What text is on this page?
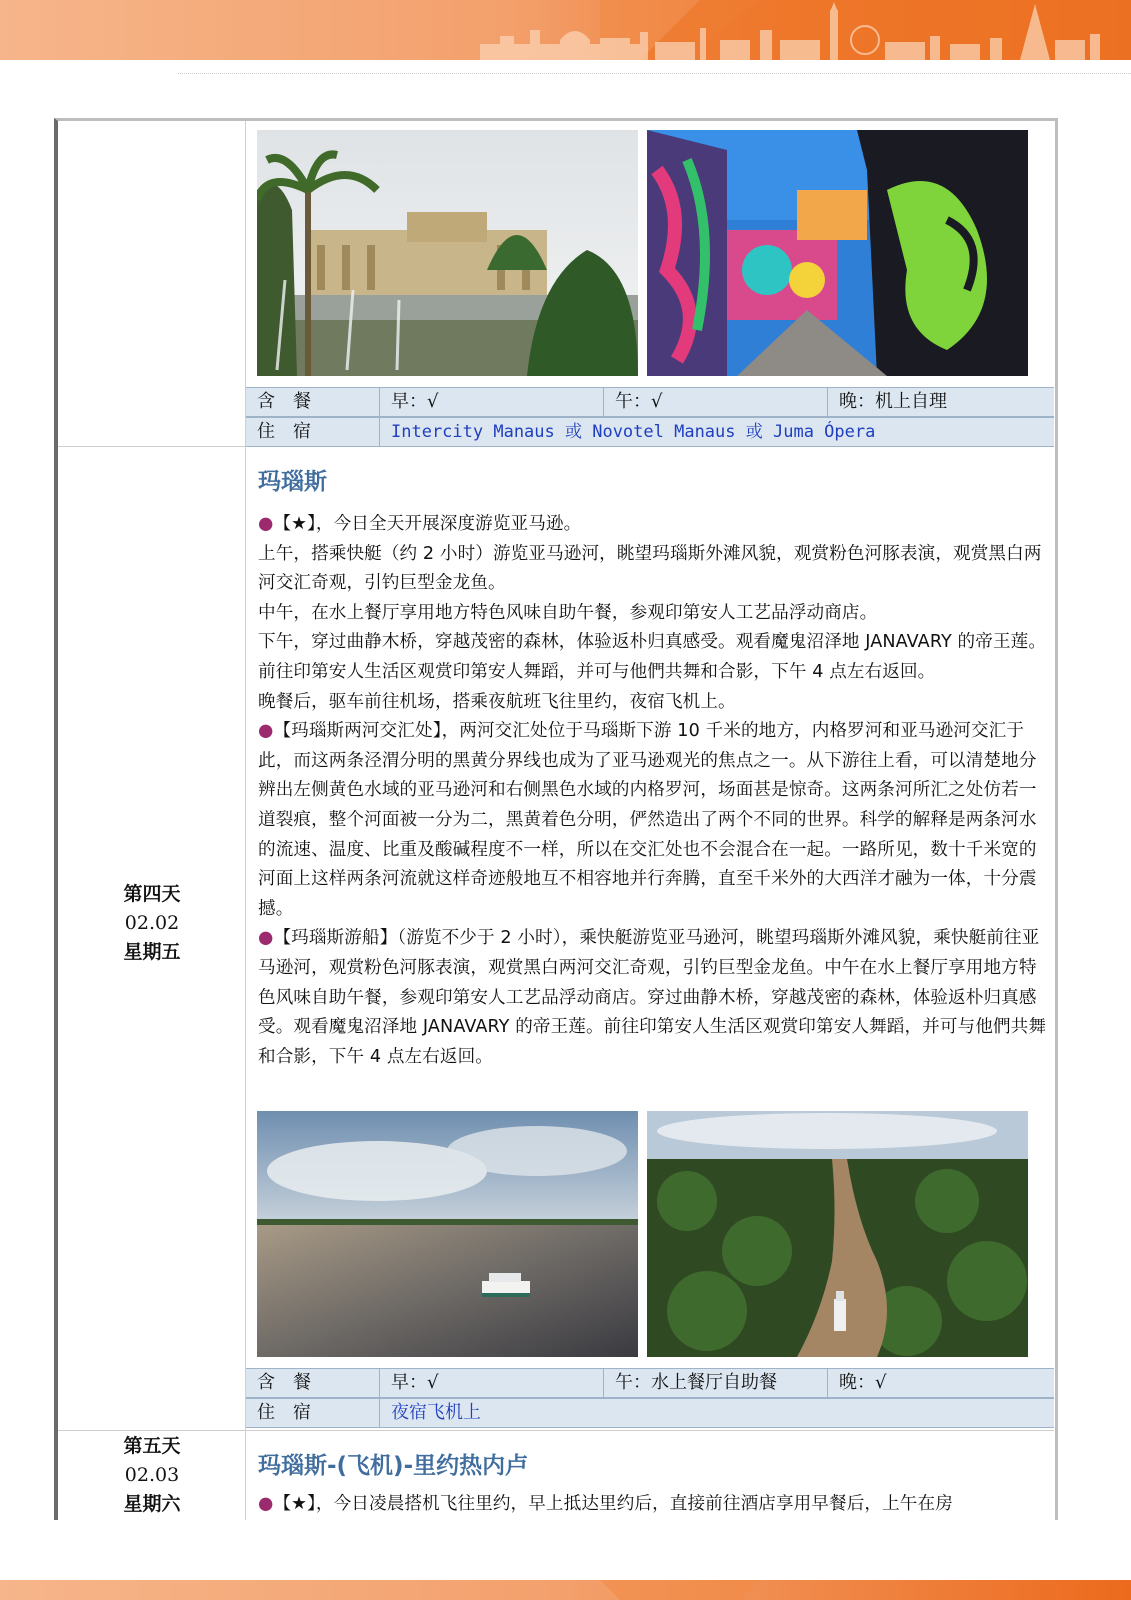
含　餐	早：√	午：√	晚：机上自理
住　宿	Intercity Manaus 或 Novotel Manaus 或 Juma Ópera
第四天
02.02
星期五
玛瑙斯

●【★】，今日全天开展深度游览亚马逊。

上午，搭乘快艇（约 2 小时）游览亚马逊河，眺望玛瑙斯外滩风貌，观赏粉色河豚表演，观赏黑白两河交汇奇观，引钓巨型金龙鱼。

中午，在水上餐厅享用地方特色风味自助午餐，参观印第安人工艺品浮动商店。

下午，穿过曲静木桥，穿越茂密的森林，体验返朴归真感受。观看魔鬼沼泽地 JANAVARY 的帝王莲。前往印第安人生活区观赏印第安人舞蹈，并可与他們共舞和合影，下午 4 点左右返回。

晚餐后，驱车前往机场，搭乘夜航班飞往里约，夜宿飞机上。

●【玛瑙斯两河交汇处】，两河交汇处位于马瑙斯下游 10 千米的地方，内格罗河和亚马逊河交汇于此，而这两条泾渭分明的黑黄分界线也成为了亚马逊观光的焦点之一。从下游往上看，可以清楚地分辨出左侧黄色水域的亚马逊河和右侧黑色水域的内格罗河，场面甚是惊奇。这两条河所汇之处仿若一道裂痕，整个河面被一分为二，黑黄着色分明，俨然造出了两个不同的世界。科学的解释是两条河水的流速、温度、比重及酸碱程度不一样，所以在交汇处也不会混合在一起。一路所见，数十千米宽的河面上这样两条河流就这样奇迹般地互不相容地并行奔腾，直至千米外的大西洋才融为一体，十分震撼。

●【玛瑙斯游船】（游览不少于 2 小时），乘快艇游览亚马逊河，眺望玛瑙斯外滩风貌，乘快艇前往亚马逊河，观赏粉色河豚表演，观赏黑白两河交汇奇观，引钓巨型金龙鱼。中午在水上餐厅享用地方特色风味自助午餐，参观印第安人工艺品浮动商店。穿过曲静木桥，穿越茂密的森林，体验返朴归真感受。观看魔鬼沼泽地 JANAVARY 的帝王莲。前往印第安人生活区观赏印第安人舞蹈，并可与他們共舞和合影，下午 4 点左右返回。

含　餐	早：√	午：水上餐厅自助餐	晚：√
住　宿	夜宿飞机上
第五天
02.03
星期六
玛瑙斯-(飞机)-里约热内卢

●【★】，今日凌晨搭机飞往里约，早上抵达里约后，直接前往酒店享用早餐后，上午在房
